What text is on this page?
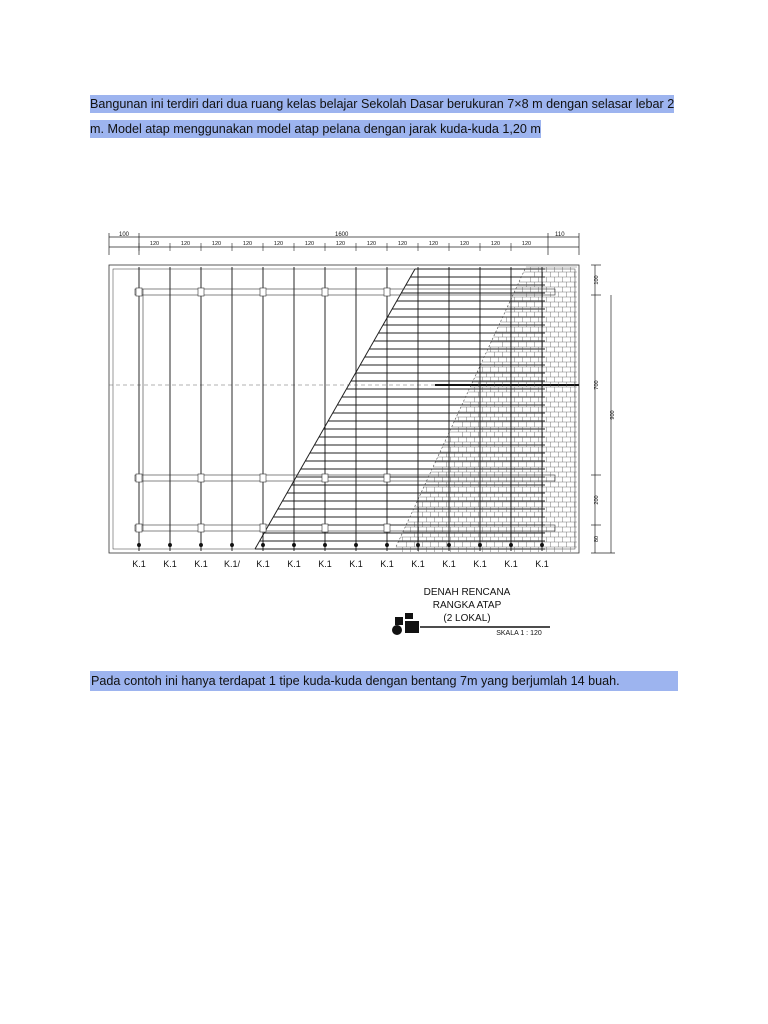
Bangunan ini terdiri dari dua ruang kelas belajar Sekolah Dasar berukuran 7×8 m dengan selasar lebar 2 m. Model atap menggunakan model atap pelana dengan jarak kuda-kuda 1,20 m
100	1600	110
120	120	120	120	120	120	120	120	120	120	120	120	120
K.1 K.1 K.1 K.1/ K.1 K.1 K.1 K.1 K.1 K.1 K.1 K.1 K.1 K.1
DENAH RENCANA
RANGKA ATAP
(2 LOKAL)
SKALA 1 : 120
100
700
900
200
80
Pada contoh ini hanya terdapat 1 tipe kuda-kuda dengan bentang 7m yang berjumlah 14 buah.
